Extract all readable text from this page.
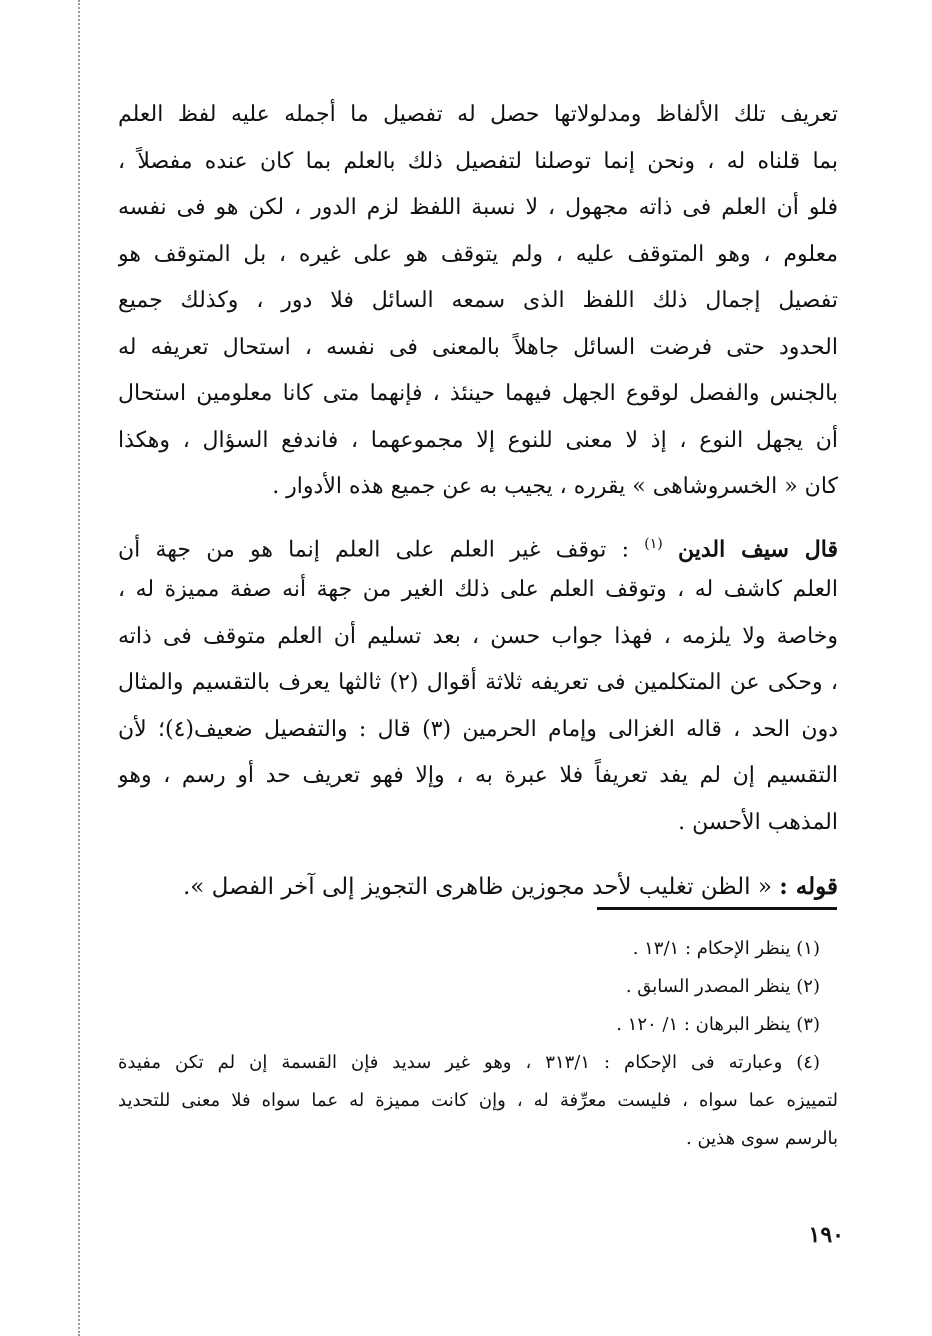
تعريف تلك الألفاظ ومدلولاتها حصل له تفصيل ما أجمله عليه لفظ العلم
بما قلناه له ، ونحن إنما توصلنا لتفصيل ذلك بالعلم بما كان عنده مفصلاً ،
فلو أن العلم فى ذاته مجهول ، لا نسبة اللفظ لزم الدور ، لكن هو فى نفسه
معلوم ، وهو المتوقف عليه ، ولم يتوقف هو على غيره ، بل المتوقف هو
تفصيل إجمال ذلك اللفظ الذى سمعه السائل فلا دور ، وكذلك جميع
الحدود حتى فرضت السائل جاهلاً بالمعنى فى نفسه ، استحال تعريفه له
بالجنس والفصل لوقوع الجهل فيهما حينئذ ، فإنهما متى كانا معلومين استحال
أن يجهل النوع ، إذ لا معنى للنوع إلا مجموعهما ، فاندفع السؤال ، وهكذا
كان « الخسروشاهى » يقرره ، يجيب به عن جميع هذه الأدوار .
قال سيف الدين $^{(١)}$ : توقف غير العلم على العلم إنما هو من جهة أن
العلم كاشف له ، وتوقف العلم على ذلك الغير من جهة أنه صفة مميزة له ،
وخاصة ولا يلزمه ، فهذا جواب حسن ، بعد تسليم أن العلم متوقف فى ذاته
، وحكى عن المتكلمين فى تعريفه ثلاثة أقوال (٢) ثالثها يعرف بالتقسيم والمثال
دون الحد ، قاله الغزالى وإمام الحرمين (٣) قال : والتفصيل ضعيف(٤)؛ لأن
التقسيم إن لم يفد تعريفاً فلا عبرة به ، وإلا فهو تعريف حد أو رسم ، وهو
المذهب الأحسن .
قوله : « الظن تغليب لأحد مجوزين ظاهرى التجويز إلى آخر الفصل ».
(١) ينظر الإحكام : ١٣/١ .
(٢) ينظر المصدر السابق .
(٣) ينظر البرهان : ١/ ١٢٠ .
(٤) وعبارته فى الإحكام : ٣١٣/١ ، وهو غير سديد فإن القسمة إن لم تكن مفيدة
لتمييزه عما سواه ، فليست معرِّفة له ، وإن كانت مميزة له عما سواه فلا معنى للتحديد
بالرسم سوى هذين .
١٩٠
